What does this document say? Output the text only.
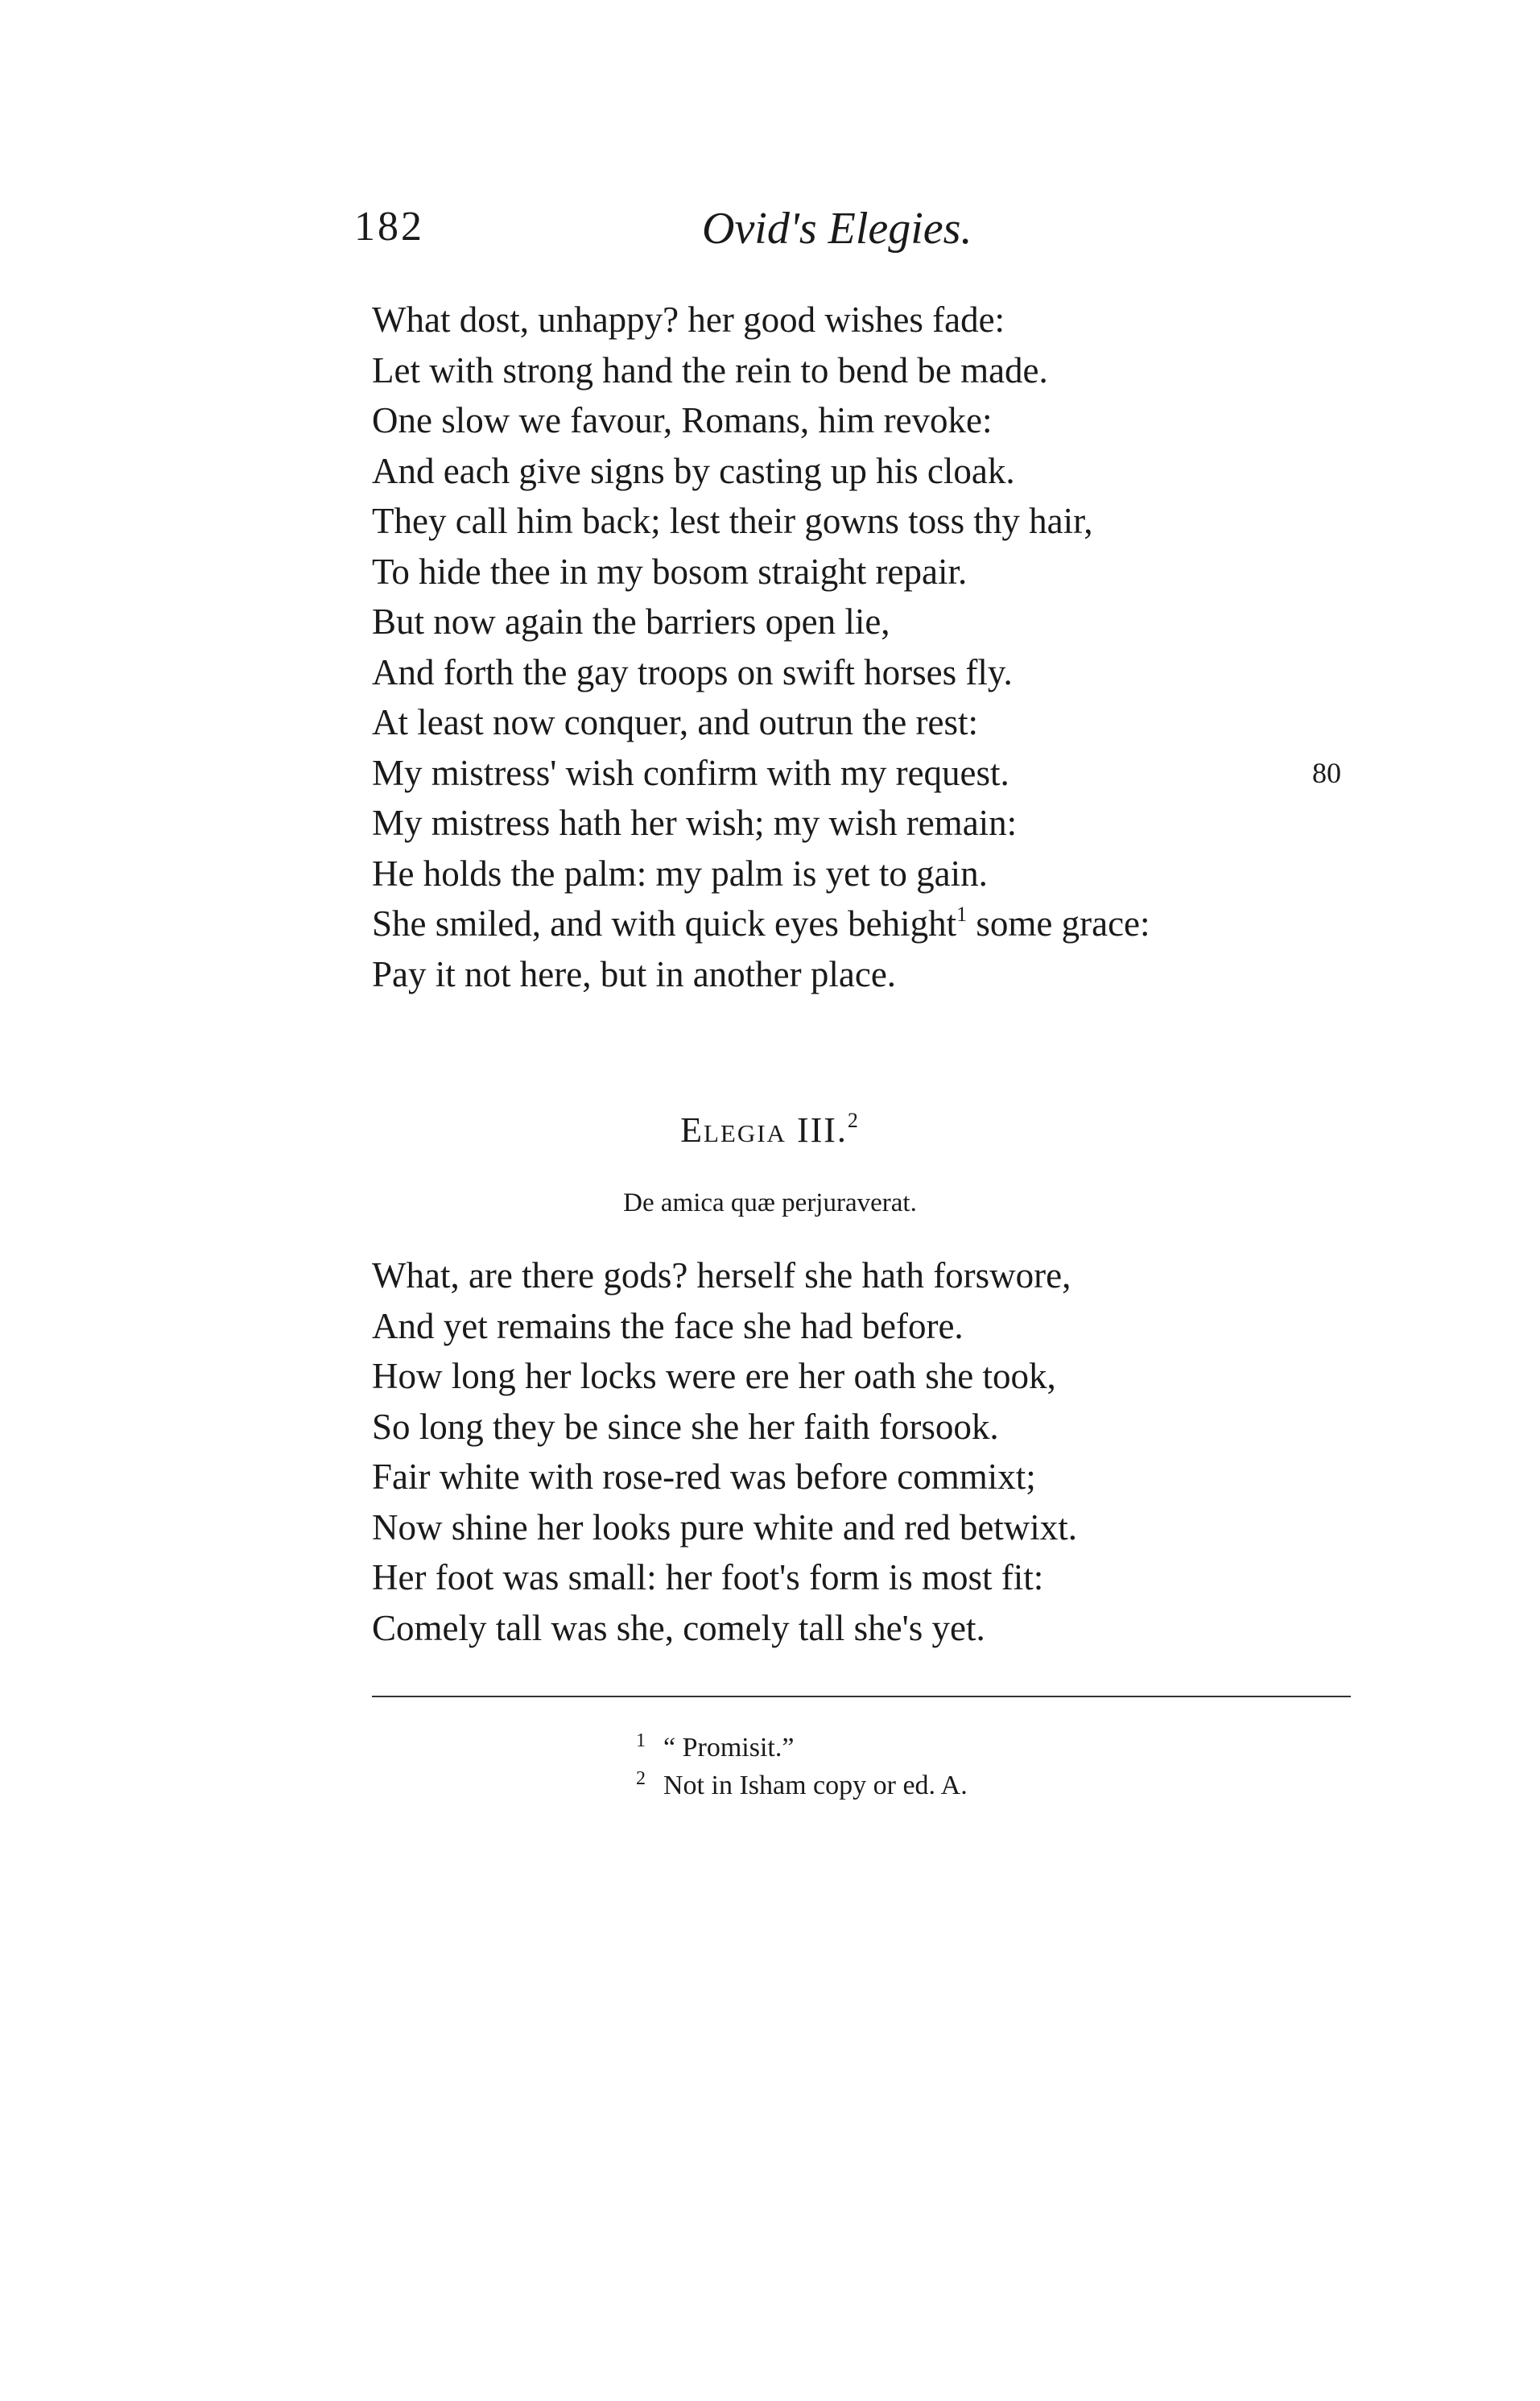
182	Ovid's Elegies.
What dost, unhappy? her good wishes fade:
Let with strong hand the rein to bend be made.
One slow we favour, Romans, him revoke:
And each give signs by casting up his cloak.
They call him back; lest their gowns toss thy hair,
To hide thee in my bosom straight repair.
But now again the barriers open lie,
And forth the gay troops on swift horses fly.
At least now conquer, and outrun the rest:
My mistress' wish confirm with my request.	80
My mistress hath her wish; my wish remain:
He holds the palm: my palm is yet to gain.
She smiled, and with quick eyes behight$^1$ some grace:
Pay it not here, but in another place.
Elegia III.$^2$
De amica quæ perjuraverat.
What, are there gods? herself she hath forswore,
And yet remains the face she had before.
How long her locks were ere her oath she took,
So long they be since she her faith forsook.
Fair white with rose-red was before commixt;
Now shine her looks pure white and red betwixt.
Her foot was small: her foot's form is most fit:
Comely tall was she, comely tall she's yet.
1 “ Promisit.”
2 Not in Isham copy or ed. A.
